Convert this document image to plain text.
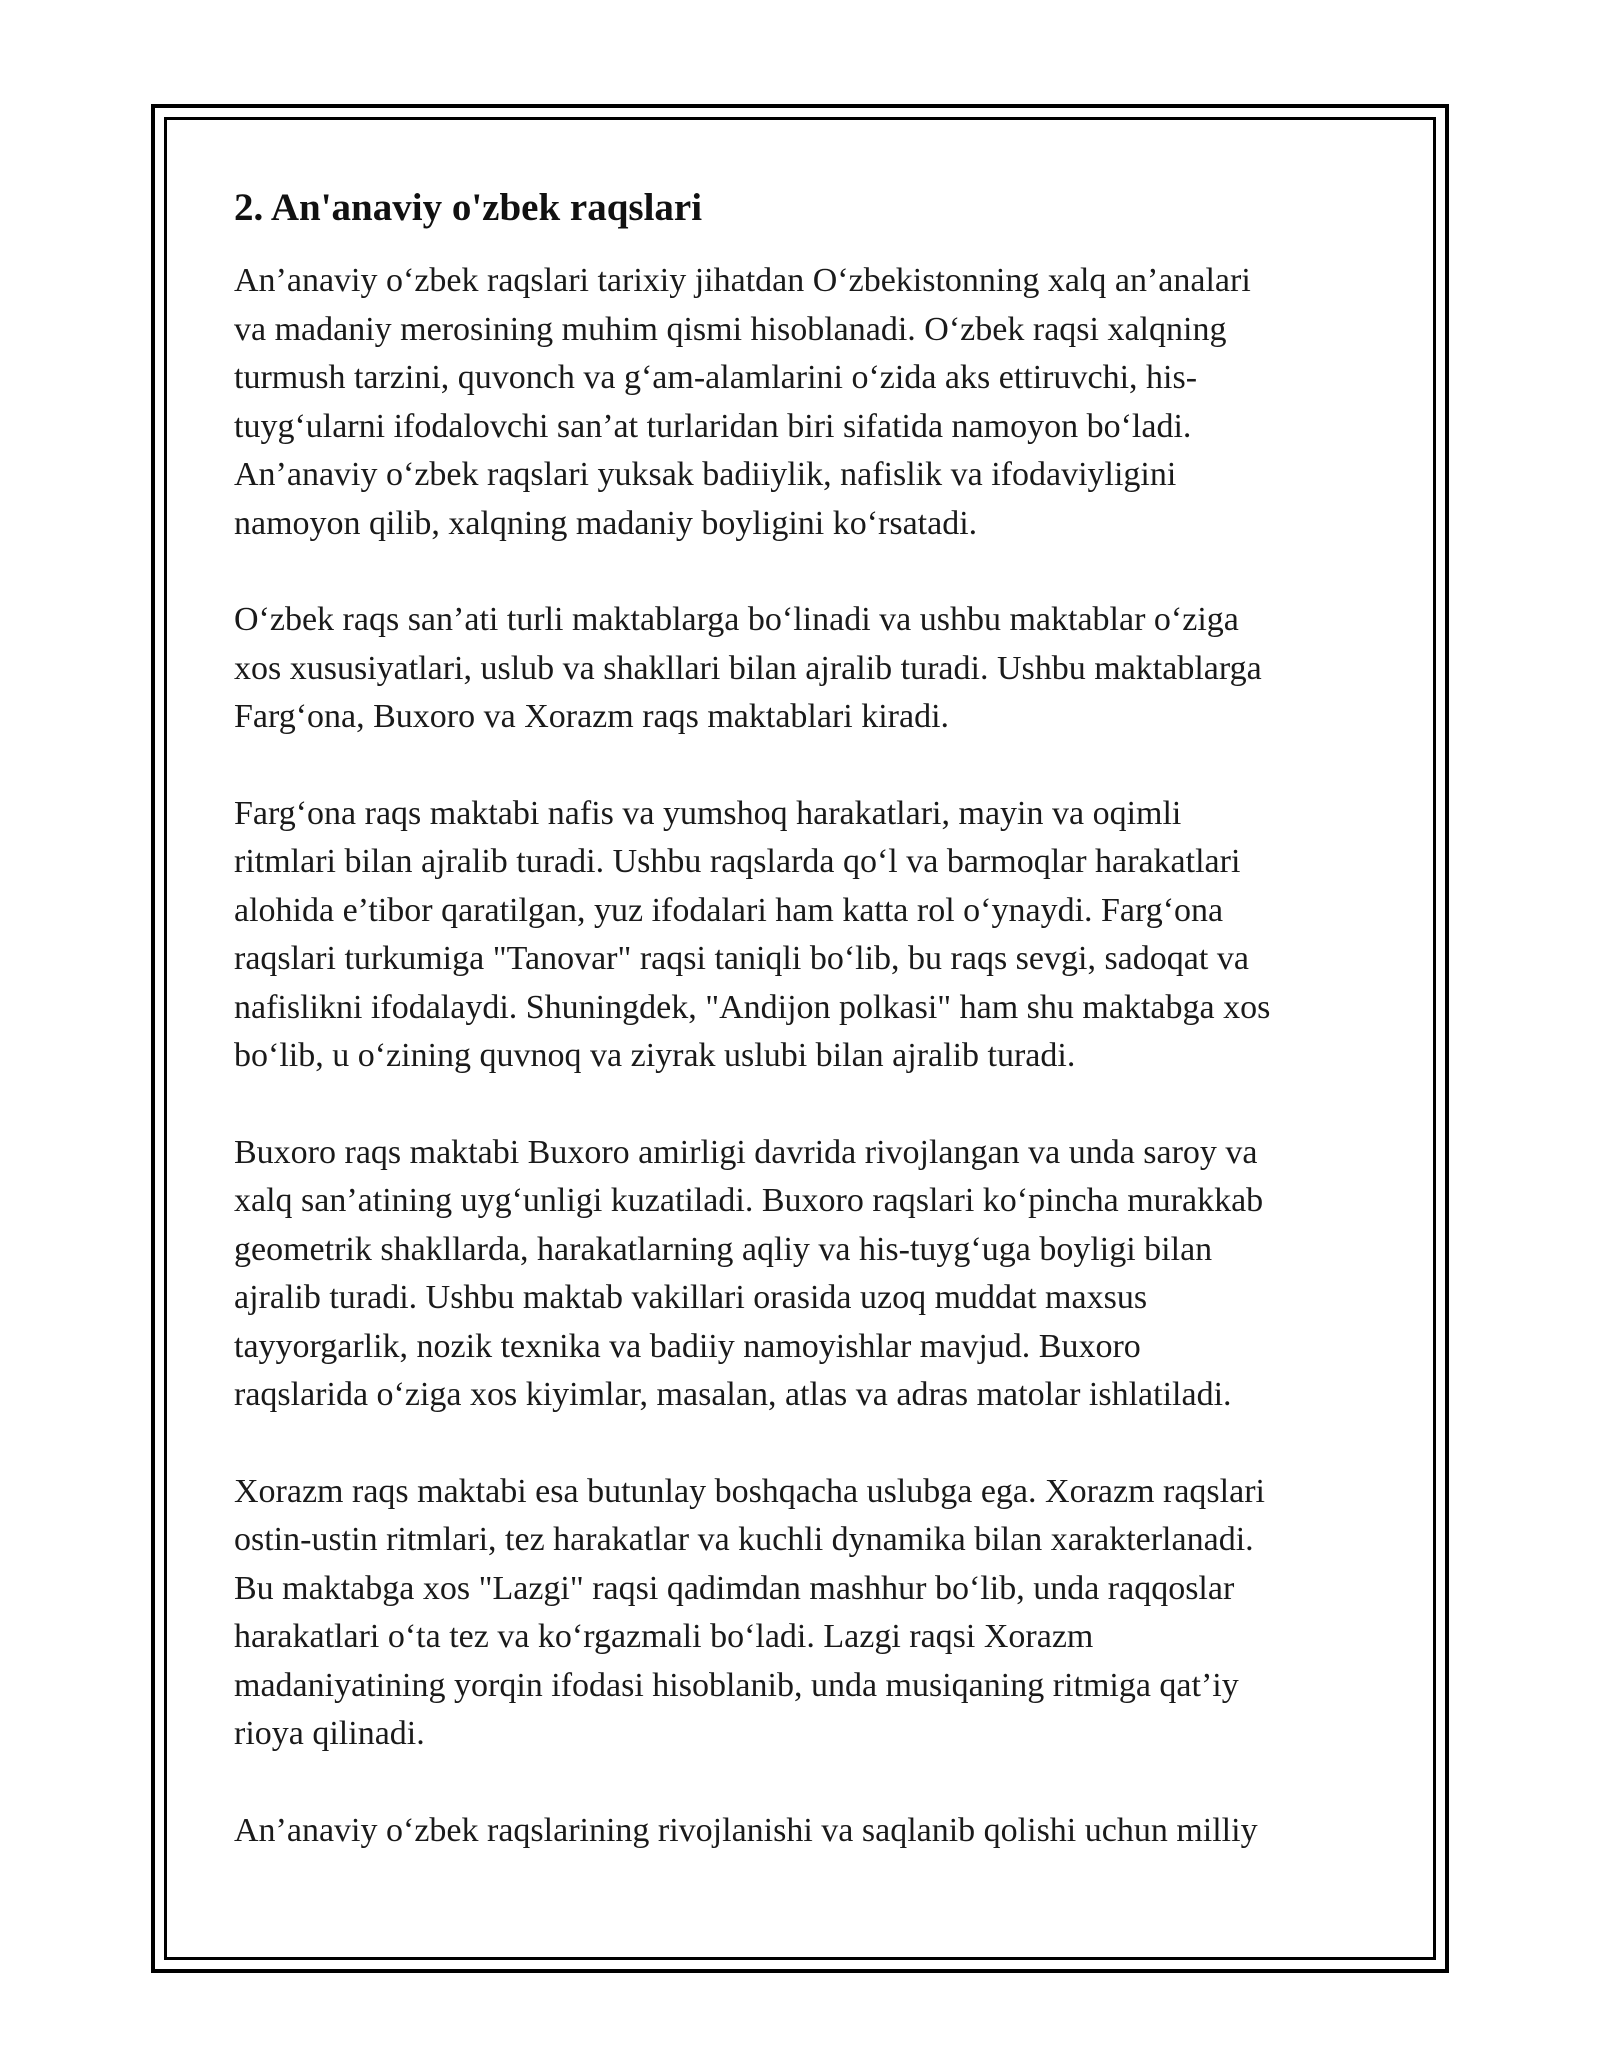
2. An'anaviy o'zbek raqslari

An’anaviy o‘zbek raqslari tarixiy jihatdan O‘zbekistonning xalq an’analari
va madaniy merosining muhim qismi hisoblanadi. O‘zbek raqsi xalqning
turmush tarzini, quvonch va g‘am-alamlarini o‘zida aks ettiruvchi, his-
tuyg‘ularni ifodalovchi san’at turlaridan biri sifatida namoyon bo‘ladi.
An’anaviy o‘zbek raqslari yuksak badiiylik, nafislik va ifodaviyligini
namoyon qilib, xalqning madaniy boyligini ko‘rsatadi.

O‘zbek raqs san’ati turli maktablarga bo‘linadi va ushbu maktablar o‘ziga
xos xususiyatlari, uslub va shakllari bilan ajralib turadi. Ushbu maktablarga
Farg‘ona, Buxoro va Xorazm raqs maktablari kiradi.

Farg‘ona raqs maktabi nafis va yumshoq harakatlari, mayin va oqimli
ritmlari bilan ajralib turadi. Ushbu raqslarda qo‘l va barmoqlar harakatlari
alohida e’tibor qaratilgan, yuz ifodalari ham katta rol o‘ynaydi. Farg‘ona
raqslari turkumiga "Tanovar" raqsi taniqli bo‘lib, bu raqs sevgi, sadoqat va
nafislikni ifodalaydi. Shuningdek, "Andijon polkasi" ham shu maktabga xos
bo‘lib, u o‘zining quvnoq va ziyrak uslubi bilan ajralib turadi.

Buxoro raqs maktabi Buxoro amirligi davrida rivojlangan va unda saroy va
xalq san’atining uyg‘unligi kuzatiladi. Buxoro raqslari ko‘pincha murakkab
geometrik shakllarda, harakatlarning aqliy va his-tuyg‘uga boyligi bilan
ajralib turadi. Ushbu maktab vakillari orasida uzoq muddat maxsus
tayyorgarlik, nozik texnika va badiiy namoyishlar mavjud. Buxoro
raqslarida o‘ziga xos kiyimlar, masalan, atlas va adras matolar ishlatiladi.

Xorazm raqs maktabi esa butunlay boshqacha uslubga ega. Xorazm raqslari
ostin-ustin ritmlari, tez harakatlar va kuchli dynamika bilan xarakterlanadi.
Bu maktabga xos "Lazgi" raqsi qadimdan mashhur bo‘lib, unda raqqoslar
harakatlari o‘ta tez va ko‘rgazmali bo‘ladi. Lazgi raqsi Xorazm
madaniyatining yorqin ifodasi hisoblanib, unda musiqaning ritmiga qat’iy
rioya qilinadi.

An’anaviy o‘zbek raqslarining rivojlanishi va saqlanib qolishi uchun milliy
